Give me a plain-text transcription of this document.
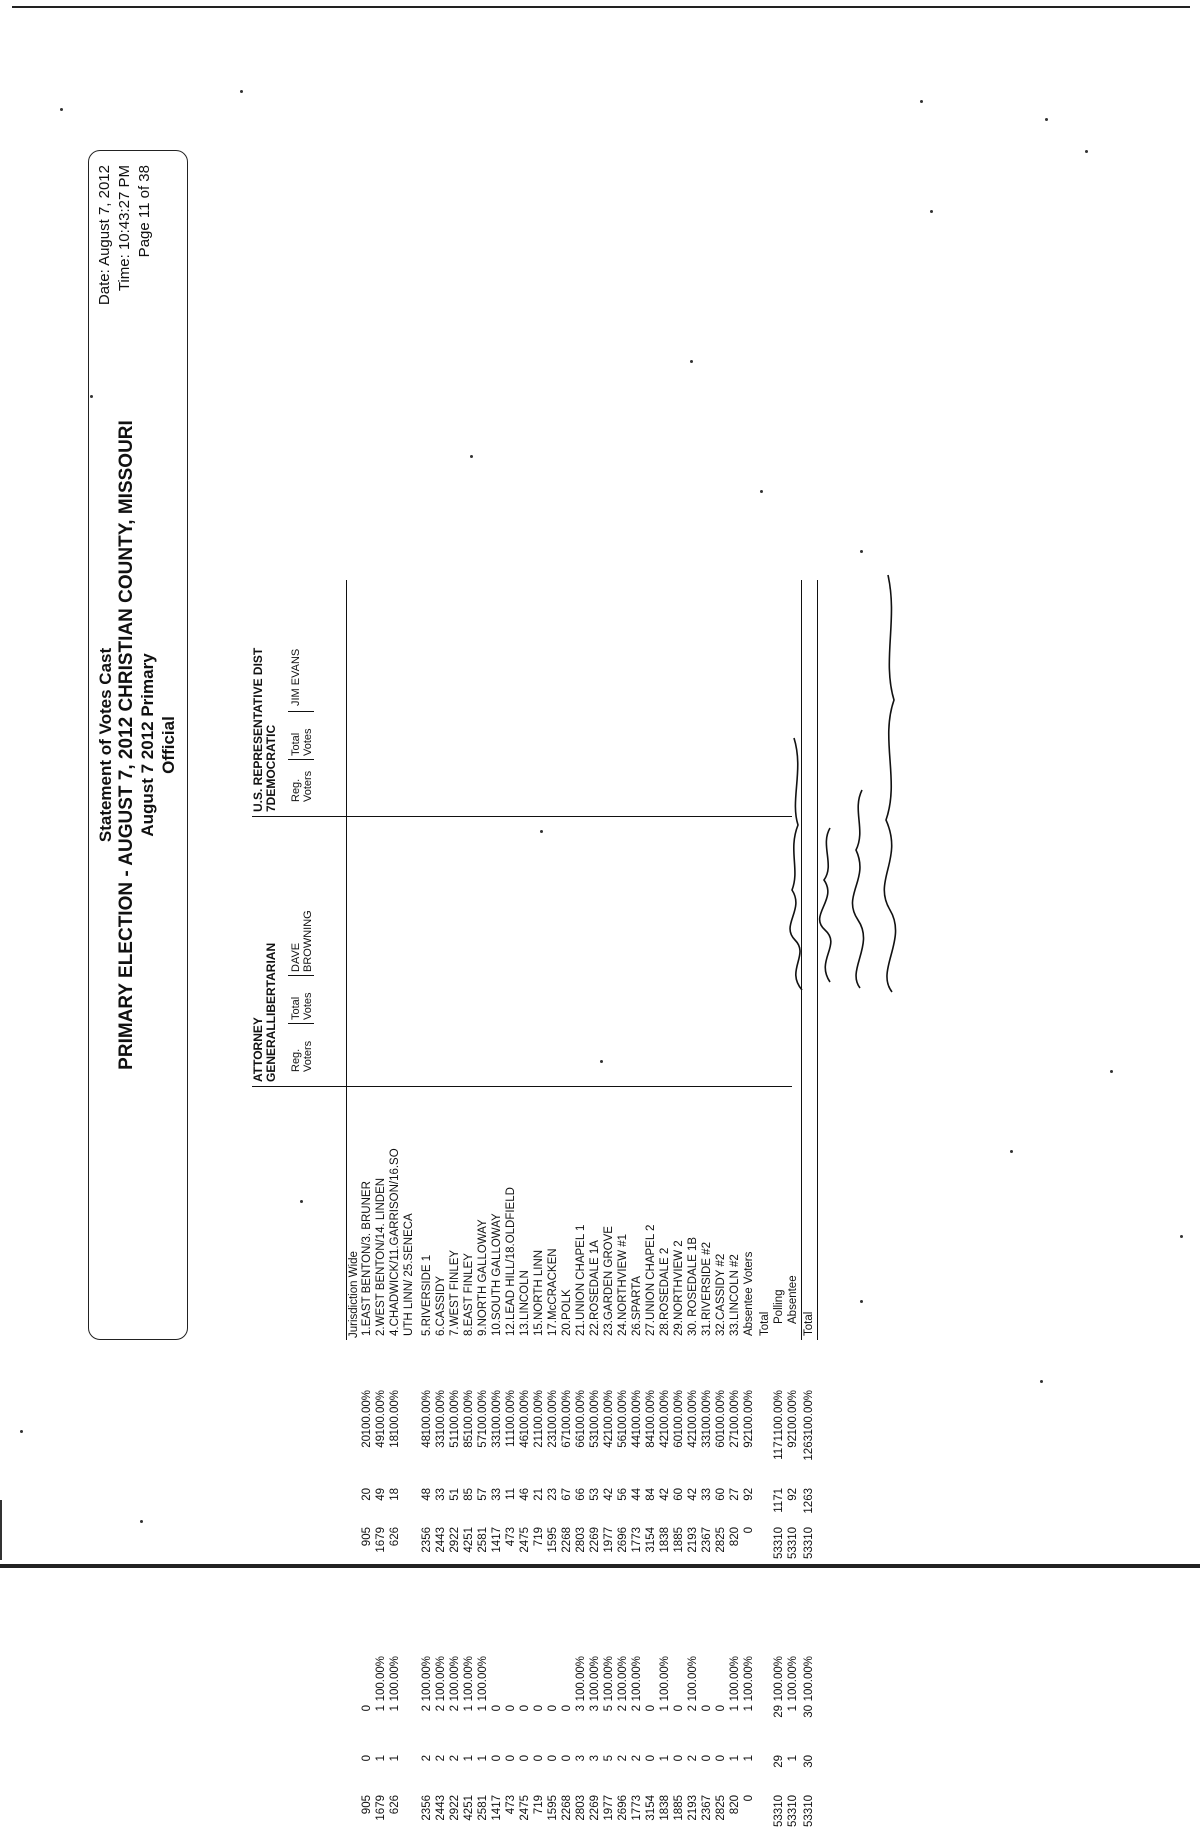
Statement of Votes Cast PRIMARY ELECTION - AUGUST 7, 2012 CHRISTIAN COUNTY, MISSOURI August 7 2012 Primary Official
Date: August 7, 2012 Time: 10:43:27 PM Page 11 of 38
ATTORNEY GENERALLIBERTARIAN
U.S. REPRESENTATIVE DIST 7DEMOCRATIC
Reg. Voters
Total Votes
DAVE BROWNING
Reg. Voters
Total Votes
JIM EVANS
Jurisdiction Wide 1.EAST BENTON/3. BRUNER
905
0
0
905
20
20
100.00%
2.WEST BENTON/14. LINDEN
1679
1
1
100.00%
1679
49
49
100.00%
4.CHADWICK/11.GARRISON/16.SO
626
1
1
100.00%
626
18
18
100.00%
UTH LINN/ 25.SENECA 5.RIVERSIDE 1
2356
2
2
100.00%
2356
48
48
100.00%
6.CASSIDY
2443
2
2
100.00%
2443
33
33
100.00%
7.WEST FINLEY
2922
2
2
100.00%
2922
51
51
100.00%
8.EAST FINLEY
4251
1
1
100.00%
4251
85
85
100.00%
9.NORTH GALLOWAY
2581
1
1
100.00%
2581
57
57
100.00%
10.SOUTH GALLOWAY
1417
0
0
1417
33
33
100.00%
12.LEAD HILL/18.OLDFIELD
473
0
0
473
11
11
100.00%
13.LINCOLN
2475
0
0
2475
46
46
100.00%
15.NORTH LINN
719
0
0
719
21
21
100.00%
17.McCRACKEN
1595
0
0
1595
23
23
100.00%
20.POLK
2268
0
0
2268
67
67
100.00%
21.UNION CHAPEL 1
2803
3
3
100.00%
2803
66
66
100.00%
22.ROSEDALE 1A
2269
3
3
100.00%
2269
53
53
100.00%
23.GARDEN GROVE
1977
5
5
100.00%
1977
42
42
100.00%
24.NORTHVIEW #1
2696
2
2
100.00%
2696
56
56
100.00%
26.SPARTA
1773
2
2
100.00%
1773
44
44
100.00%
27.UNION CHAPEL 2
3154
0
0
3154
84
84
100.00%
28.ROSEDALE 2
1838
1
1
100.00%
1838
42
42
100.00%
29.NORTHVIEW 2
1885
0
0
1885
60
60
100.00%
30. ROSEDALE 1B
2193
2
2
100.00%
2193
42
42
100.00%
31.RIVERSIDE #2
2367
0
0
2367
33
33
100.00%
32.CASSIDY #2
2825
0
0
2825
60
60
100.00%
33.LINCOLN #2
820
1
1
100.00%
820
27
27
100.00%
Absentee Voters
0
1
1
100.00%
0
92
92
100.00%
Total Polling
53310
29
29
100.00%
53310
1171
1171
100.00%
Absentee
53310
1
1
100.00%
53310
92
92
100.00%
Total
53310
30
30
100.00%
53310
1263
1263
100.00%
